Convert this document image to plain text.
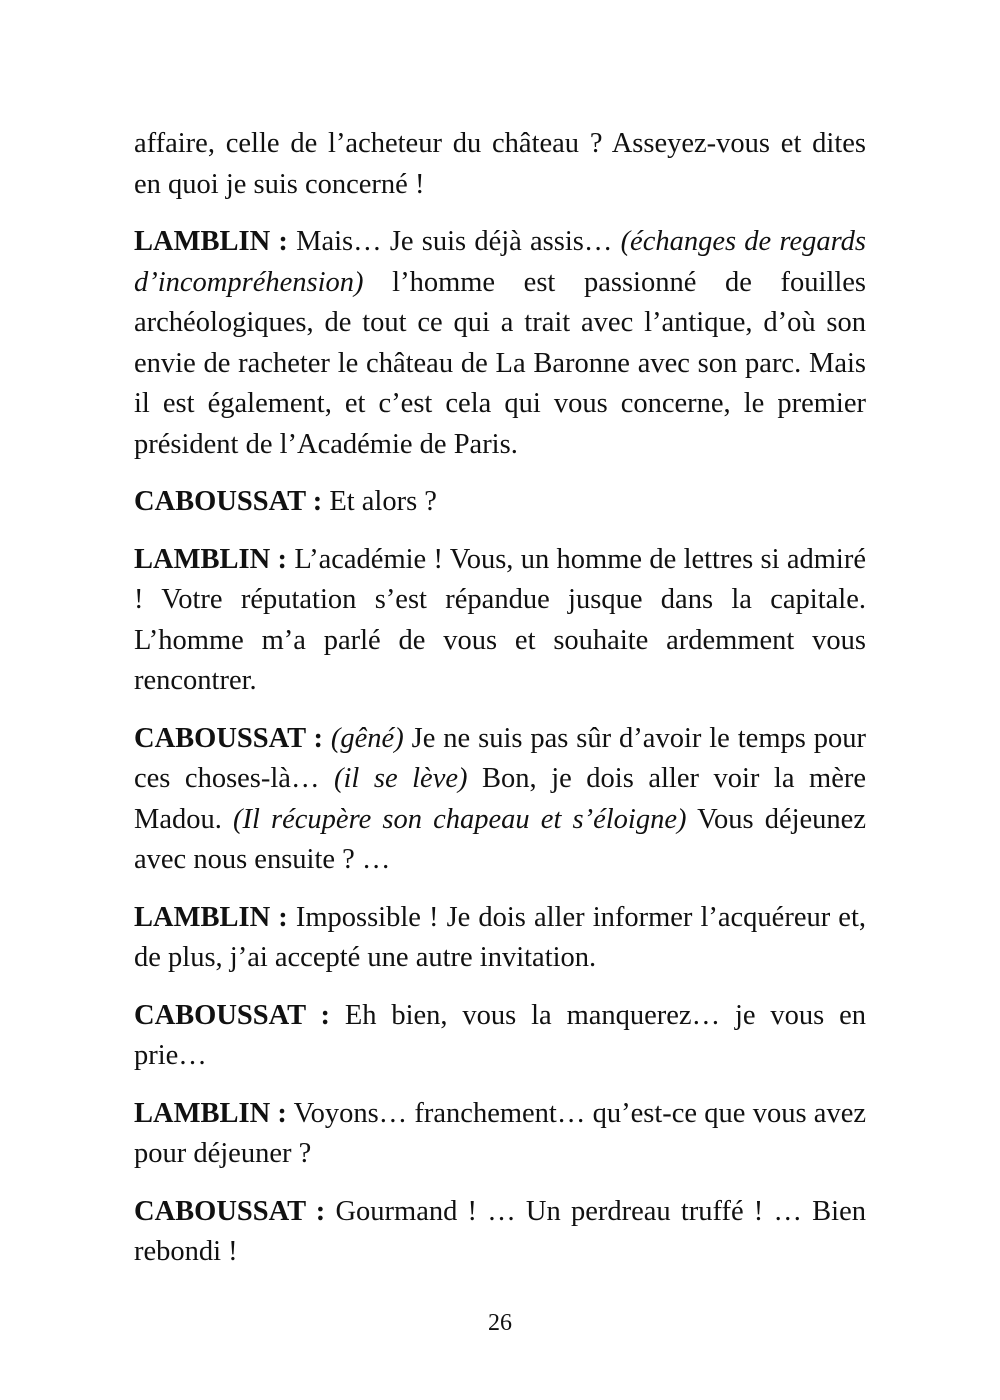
affaire, celle de l’acheteur du château ? Asseyez-vous et dites en quoi je suis concerné !

LAMBLIN : Mais… Je suis déjà assis… (échanges de regards d’incompréhension) l’homme est passionné de fouilles archéologiques, de tout ce qui a trait avec l’antique, d’où son envie de racheter le château de La Baronne avec son parc. Mais il est également, et c’est cela qui vous concerne, le premier président de l’Académie de Paris.

CABOUSSAT : Et alors ?

LAMBLIN : L’académie ! Vous, un homme de lettres si admiré ! Votre réputation s’est répandue jusque dans la capitale. L’homme m’a parlé de vous et souhaite ardemment vous rencontrer.

CABOUSSAT : (gêné) Je ne suis pas sûr d’avoir le temps pour ces choses-là… (il se lève) Bon, je dois aller voir la mère Madou. (Il récupère son chapeau et s’éloigne) Vous déjeunez avec nous ensuite ? …

LAMBLIN : Impossible ! Je dois aller informer l’acquéreur et, de plus, j’ai accepté une autre invitation.

CABOUSSAT : Eh bien, vous la manquerez… je vous en prie…

LAMBLIN : Voyons… franchement… qu’est-ce que vous avez pour déjeuner ?

CABOUSSAT : Gourmand ! … Un perdreau truffé ! … Bien rebondi !

26
